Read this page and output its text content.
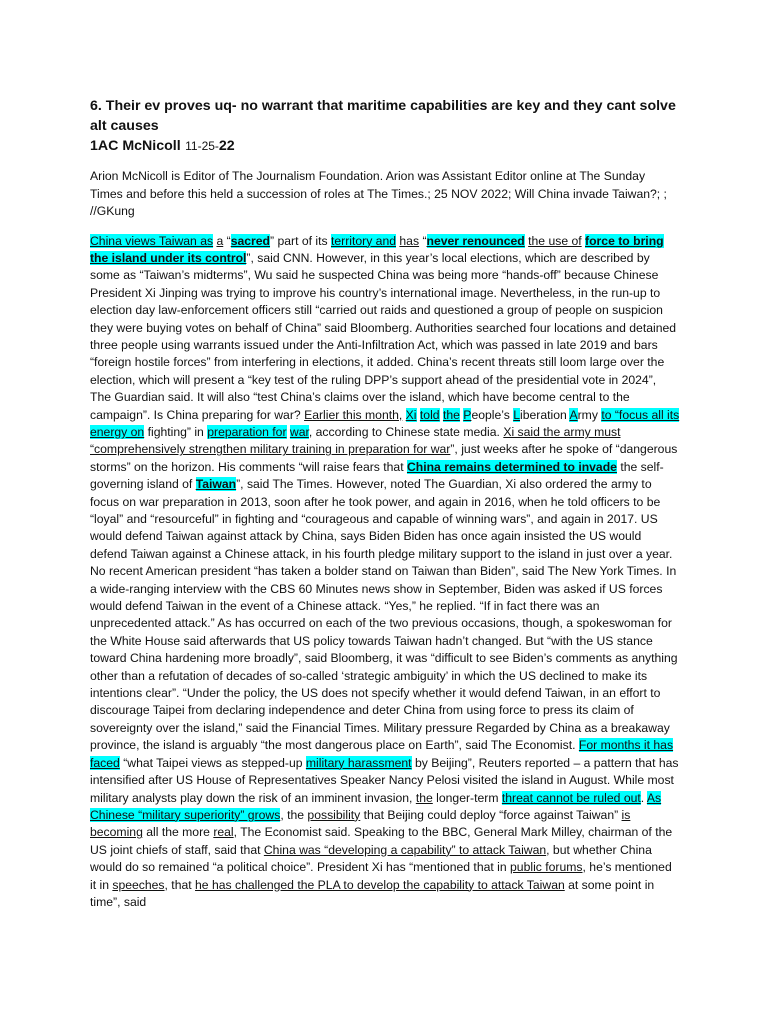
6. Their ev proves uq- no warrant that maritime capabilities are key and they cant solve alt causes

1AC McNicoll 11-25-22

Arion McNicoll is Editor of The Journalism Foundation. Arion was Assistant Editor online at The Sunday Times and before this held a succession of roles at The Times.; 25 NOV 2022; Will China invade Taiwan?; ; //GKung

China views Taiwan as a “sacred” part of its territory and has “never renounced the use of force to bring the island under its control”, said CNN. However, in this year’s local elections, which are described by some as “Taiwan’s midterms”, Wu said he suspected China was being more “hands-off” because Chinese President Xi Jinping was trying to improve his country’s international image. Nevertheless, in the run-up to election day law-enforcement officers still “carried out raids and questioned a group of people on suspicion they were buying votes on behalf of China” said Bloomberg. Authorities searched four locations and detained three people using warrants issued under the Anti-Infiltration Act, which was passed in late 2019 and bars “foreign hostile forces” from interfering in elections, it added. China’s recent threats still loom large over the election, which will present a “key test of the ruling DPP’s support ahead of the presidential vote in 2024”, The Guardian said. It will also “test China’s claims over the island, which have become central to the campaign”. Is China preparing for war? Earlier this month, Xi told the People’s Liberation Army to “focus all its energy on fighting” in preparation for war, according to Chinese state media. Xi said the army must “comprehensively strengthen military training in preparation for war”, just weeks after he spoke of “dangerous storms” on the horizon. His comments “will raise fears that China remains determined to invade the self-governing island of Taiwan”, said The Times. However, noted The Guardian, Xi also ordered the army to focus on war preparation in 2013, soon after he took power, and again in 2016, when he told officers to be “loyal” and “resourceful” in fighting and “courageous and capable of winning wars”, and again in 2017. US would defend Taiwan against attack by China, says Biden Biden has once again insisted the US would defend Taiwan against a Chinese attack, in his fourth pledge military support to the island in just over a year. No recent American president “has taken a bolder stand on Taiwan than Biden”, said The New York Times. In a wide-ranging interview with the CBS 60 Minutes news show in September, Biden was asked if US forces would defend Taiwan in the event of a Chinese attack. “Yes,” he replied. “If in fact there was an unprecedented attack.” As has occurred on each of the two previous occasions, though, a spokeswoman for the White House said afterwards that US policy towards Taiwan hadn’t changed. But “with the US stance toward China hardening more broadly”, said Bloomberg, it was “difficult to see Biden’s comments as anything other than a refutation of decades of so-called ‘strategic ambiguity’ in which the US declined to make its intentions clear”. “Under the policy, the US does not specify whether it would defend Taiwan, in an effort to discourage Taipei from declaring independence and deter China from using force to press its claim of sovereignty over the island,” said the Financial Times. Military pressure Regarded by China as a breakaway province, the island is arguably “the most dangerous place on Earth”, said The Economist. For months it has faced “what Taipei views as stepped-up military harassment by Beijing”, Reuters reported – a pattern that has intensified after US House of Representatives Speaker Nancy Pelosi visited the island in August. While most military analysts play down the risk of an imminent invasion, the longer-term threat cannot be ruled out. As Chinese “military superiority” grows, the possibility that Beijing could deploy “force against Taiwan” is becoming all the more real, The Economist said. Speaking to the BBC, General Mark Milley, chairman of the US joint chiefs of staff, said that China was “developing a capability” to attack Taiwan, but whether China would do so remained “a political choice”. President Xi has “mentioned that in public forums, he’s mentioned it in speeches, that he has challenged the PLA to develop the capability to attack Taiwan at some point in time”, said
